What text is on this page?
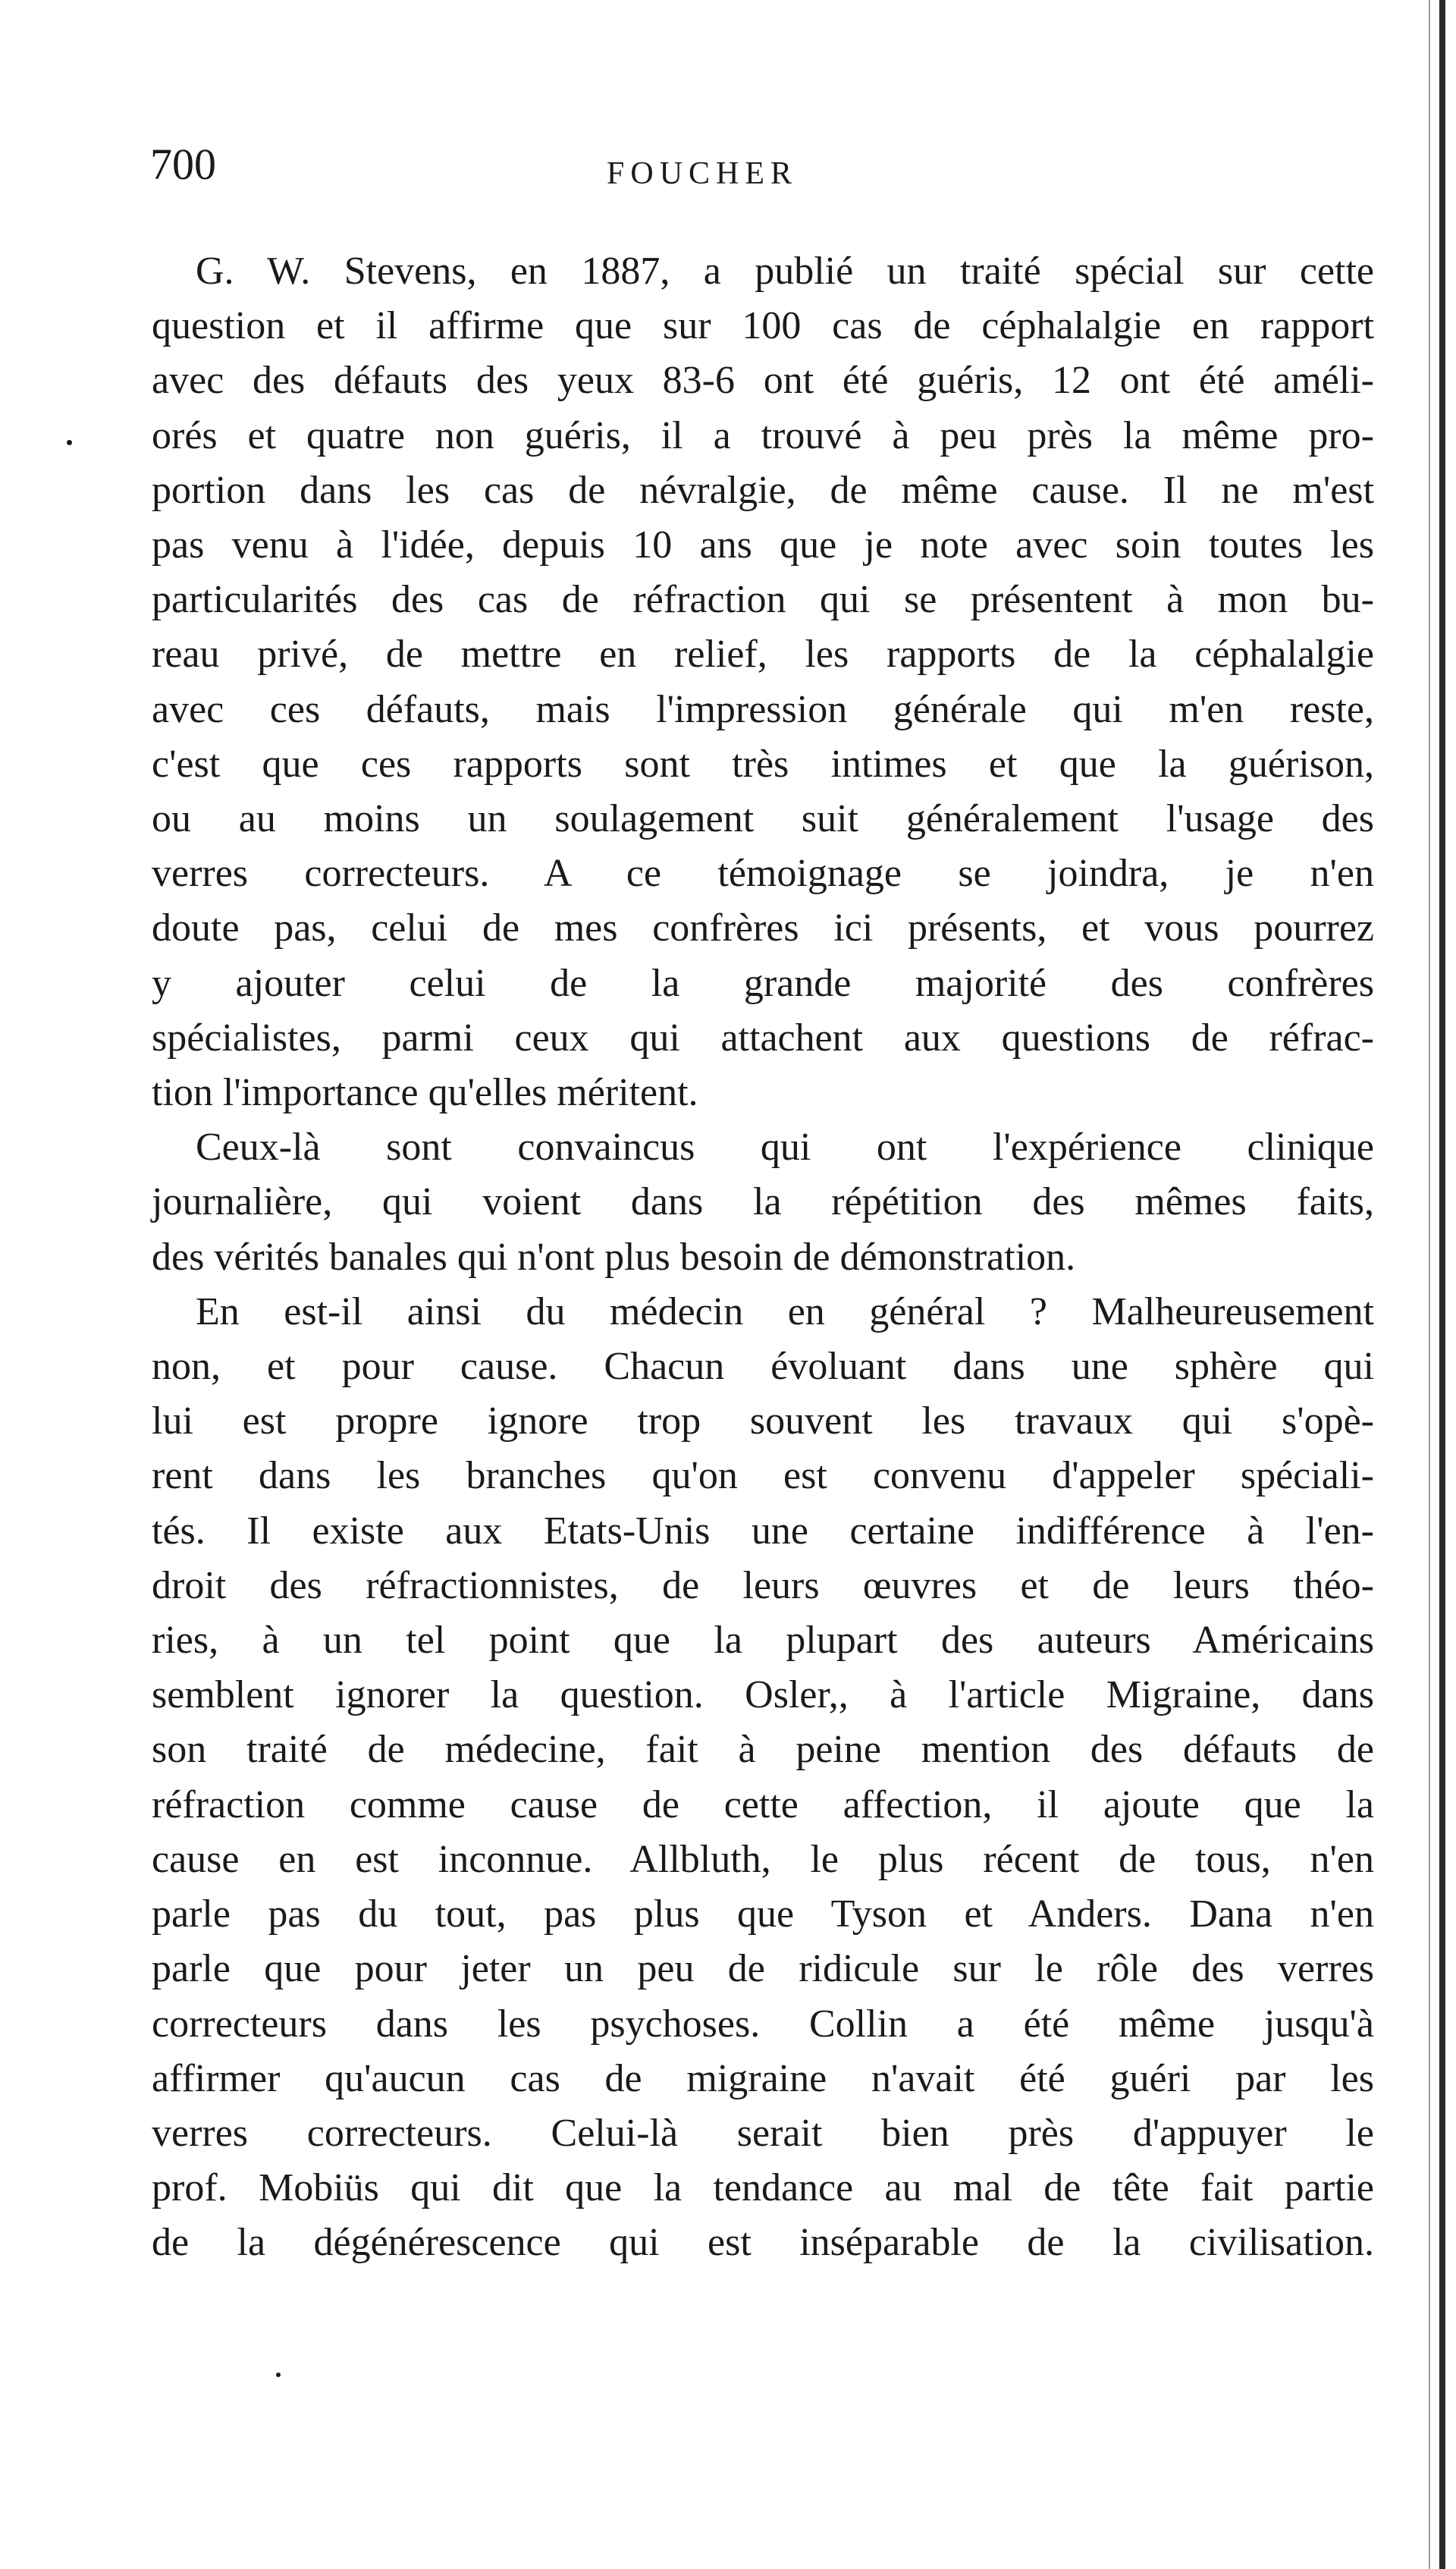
700	FOUCHER
G. W. Stevens, en 1887, a publié un traité spécial sur cette
question et il affirme que sur 100 cas de céphalalgie en rapport
avec des défauts des yeux 83-6 ont été guéris, 12 ont été améli-
orés et quatre non guéris, il a trouvé à peu près la même pro-
portion dans les cas de névralgie, de même cause. Il ne m'est
pas venu à l'idée, depuis 10 ans que je note avec soin toutes les
particularités des cas de réfraction qui se présentent à mon bu-
reau privé, de mettre en relief, les rapports de la céphalalgie
avec ces défauts, mais l'impression générale qui m'en reste,
c'est que ces rapports sont très intimes et que la guérison,
ou au moins un soulagement suit généralement l'usage des
verres correcteurs. A ce témoignage se joindra, je n'en
doute pas, celui de mes confrères ici présents, et vous pourrez
y ajouter celui de la grande majorité des confrères
spécialistes, parmi ceux qui attachent aux questions de réfrac-
tion l'importance qu'elles méritent.
Ceux-là sont convaincus qui ont l'expérience clinique
journalière, qui voient dans la répétition des mêmes faits,
des vérités banales qui n'ont plus besoin de démonstration.
En est-il ainsi du médecin en général ? Malheureusement
non, et pour cause. Chacun évoluant dans une sphère qui
lui est propre ignore trop souvent les travaux qui s'opè-
rent dans les branches qu'on est convenu d'appeler spéciali-
tés. Il existe aux Etats-Unis une certaine indifférence à l'en-
droit des réfractionnistes, de leurs œuvres et de leurs théo-
ries, à un tel point que la plupart des auteurs Américains
semblent ignorer la question. Osler,, à l'article Migraine, dans
son traité de médecine, fait à peine mention des défauts de
réfraction comme cause de cette affection, il ajoute que la
cause en est inconnue. Allbluth, le plus récent de tous, n'en
parle pas du tout, pas plus que Tyson et Anders. Dana n'en
parle que pour jeter un peu de ridicule sur le rôle des verres
correcteurs dans les psychoses. Collin a été même jusqu'à
affirmer qu'aucun cas de migraine n'avait été guéri par les
verres correcteurs. Celui-là serait bien près d'appuyer le
prof. Mobiüs qui dit que la tendance au mal de tête fait partie
de la dégénérescence qui est inséparable de la civilisation.
